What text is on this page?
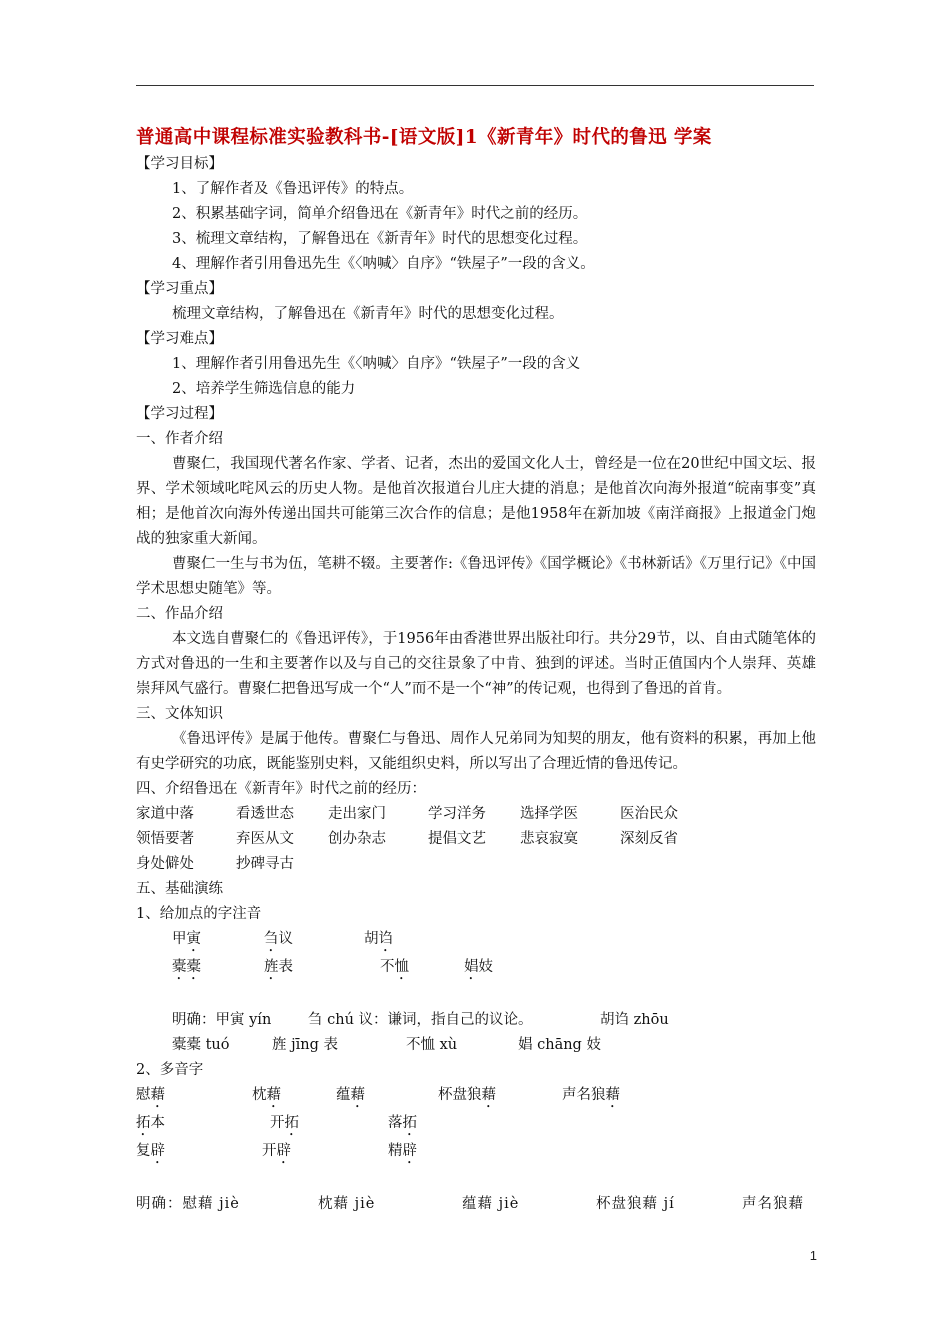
普通高中课程标准实验教科书-[语文版]1《新青年》时代的鲁迅 学案

【学习目标】

1、了解作者及《鲁迅评传》的特点。

2、积累基础字词，简单介绍鲁迅在《新青年》时代之前的经历。

3、梳理文章结构，了解鲁迅在《新青年》时代的思想变化过程。

4、理解作者引用鲁迅先生《〈呐喊〉自序》“铁屋子”一段的含义。

【学习重点】

梳理文章结构，了解鲁迅在《新青年》时代的思想变化过程。

【学习难点】

1、理解作者引用鲁迅先生《〈呐喊〉自序》“铁屋子”一段的含义

2、培养学生筛选信息的能力

【学习过程】

一、作者介绍

曹聚仁，我国现代著名作家、学者、记者，杰出的爱国文化人士，曾经是一位在20世纪中国文坛、报界、学术领域叱咤风云的历史人物。是他首次报道台儿庄大捷的消息；是他首次向海外报道“皖南事变”真相；是他首次向海外传递出国共可能第三次合作的信息；是他1958年在新加坡《南洋商报》上报道金门炮战的独家重大新闻。

曹聚仁一生与书为伍，笔耕不辍。主要著作:《鲁迅评传》《国学概论》《书林新话》《万里行记》《中国学术思想史随笔》等。

二、作品介绍

本文选自曹聚仁的《鲁迅评传》，于1956年由香港世界出版社印行。共分29节，以、自由式随笔体的方式对鲁迅的一生和主要著作以及与自己的交往景象了中肯、独到的评述。当时正值国内个人崇拜、英雄崇拜风气盛行。曹聚仁把鲁迅写成一个“人”而不是一个“神”的传记观，也得到了鲁迅的首肯。

三、文体知识

《鲁迅评传》是属于他传。曹聚仁与鲁迅、周作人兄弟同为知契的朋友，他有资料的积累，再加上他有史学研究的功底，既能鉴别史料，又能组织史料，所以写出了合理近情的鲁迅传记。

四、介绍鲁迅在《新青年》时代之前的经历：

家道中落	看透世态	走出家门	学习洋务	选择学医	医治民众
领悟要著	弃医从文	创办杂志	提倡文艺	悲哀寂寞	深刻反省
身处僻处	抄碑寻古

五、基础演练

1、给加点的字注音

甲寅	刍议	胡诌
橐橐	旌表	不恤	娼妓
明确：甲寅 yín	刍 chú 议：谦词，指自己的议论。	胡诌 zhōu
橐橐 tuó	旌 jīng 表	不恤 xù	娼 chāng 妓

2、多音字

慰藉	枕藉	蕴藉	杯盘狼藉	声名狼藉
拓本	开拓	落拓
复辟	开辟	精辟
明确：慰藉 jiè	枕藉 jiè	蕴藉 jiè	杯盘狼藉 jí	声名狼藉
1
